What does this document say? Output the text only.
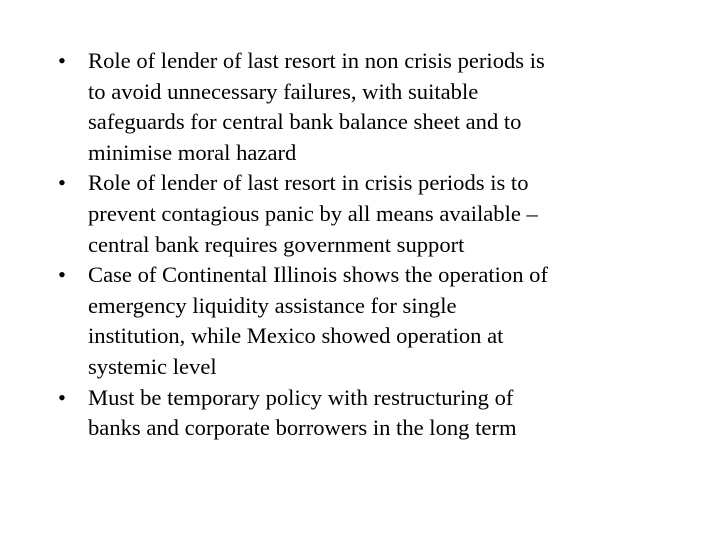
• Role of lender of last resort in non crisis periods is
to avoid unnecessary failures, with suitable
safeguards for central bank balance sheet and to
minimise moral hazard
• Role of lender of last resort in crisis periods is to
prevent contagious panic by all means available –
central bank requires government support
• Case of Continental Illinois shows the operation of
emergency liquidity assistance for single
institution, while Mexico showed operation at
systemic level
• Must be temporary policy with restructuring of
banks and corporate borrowers in the long term
